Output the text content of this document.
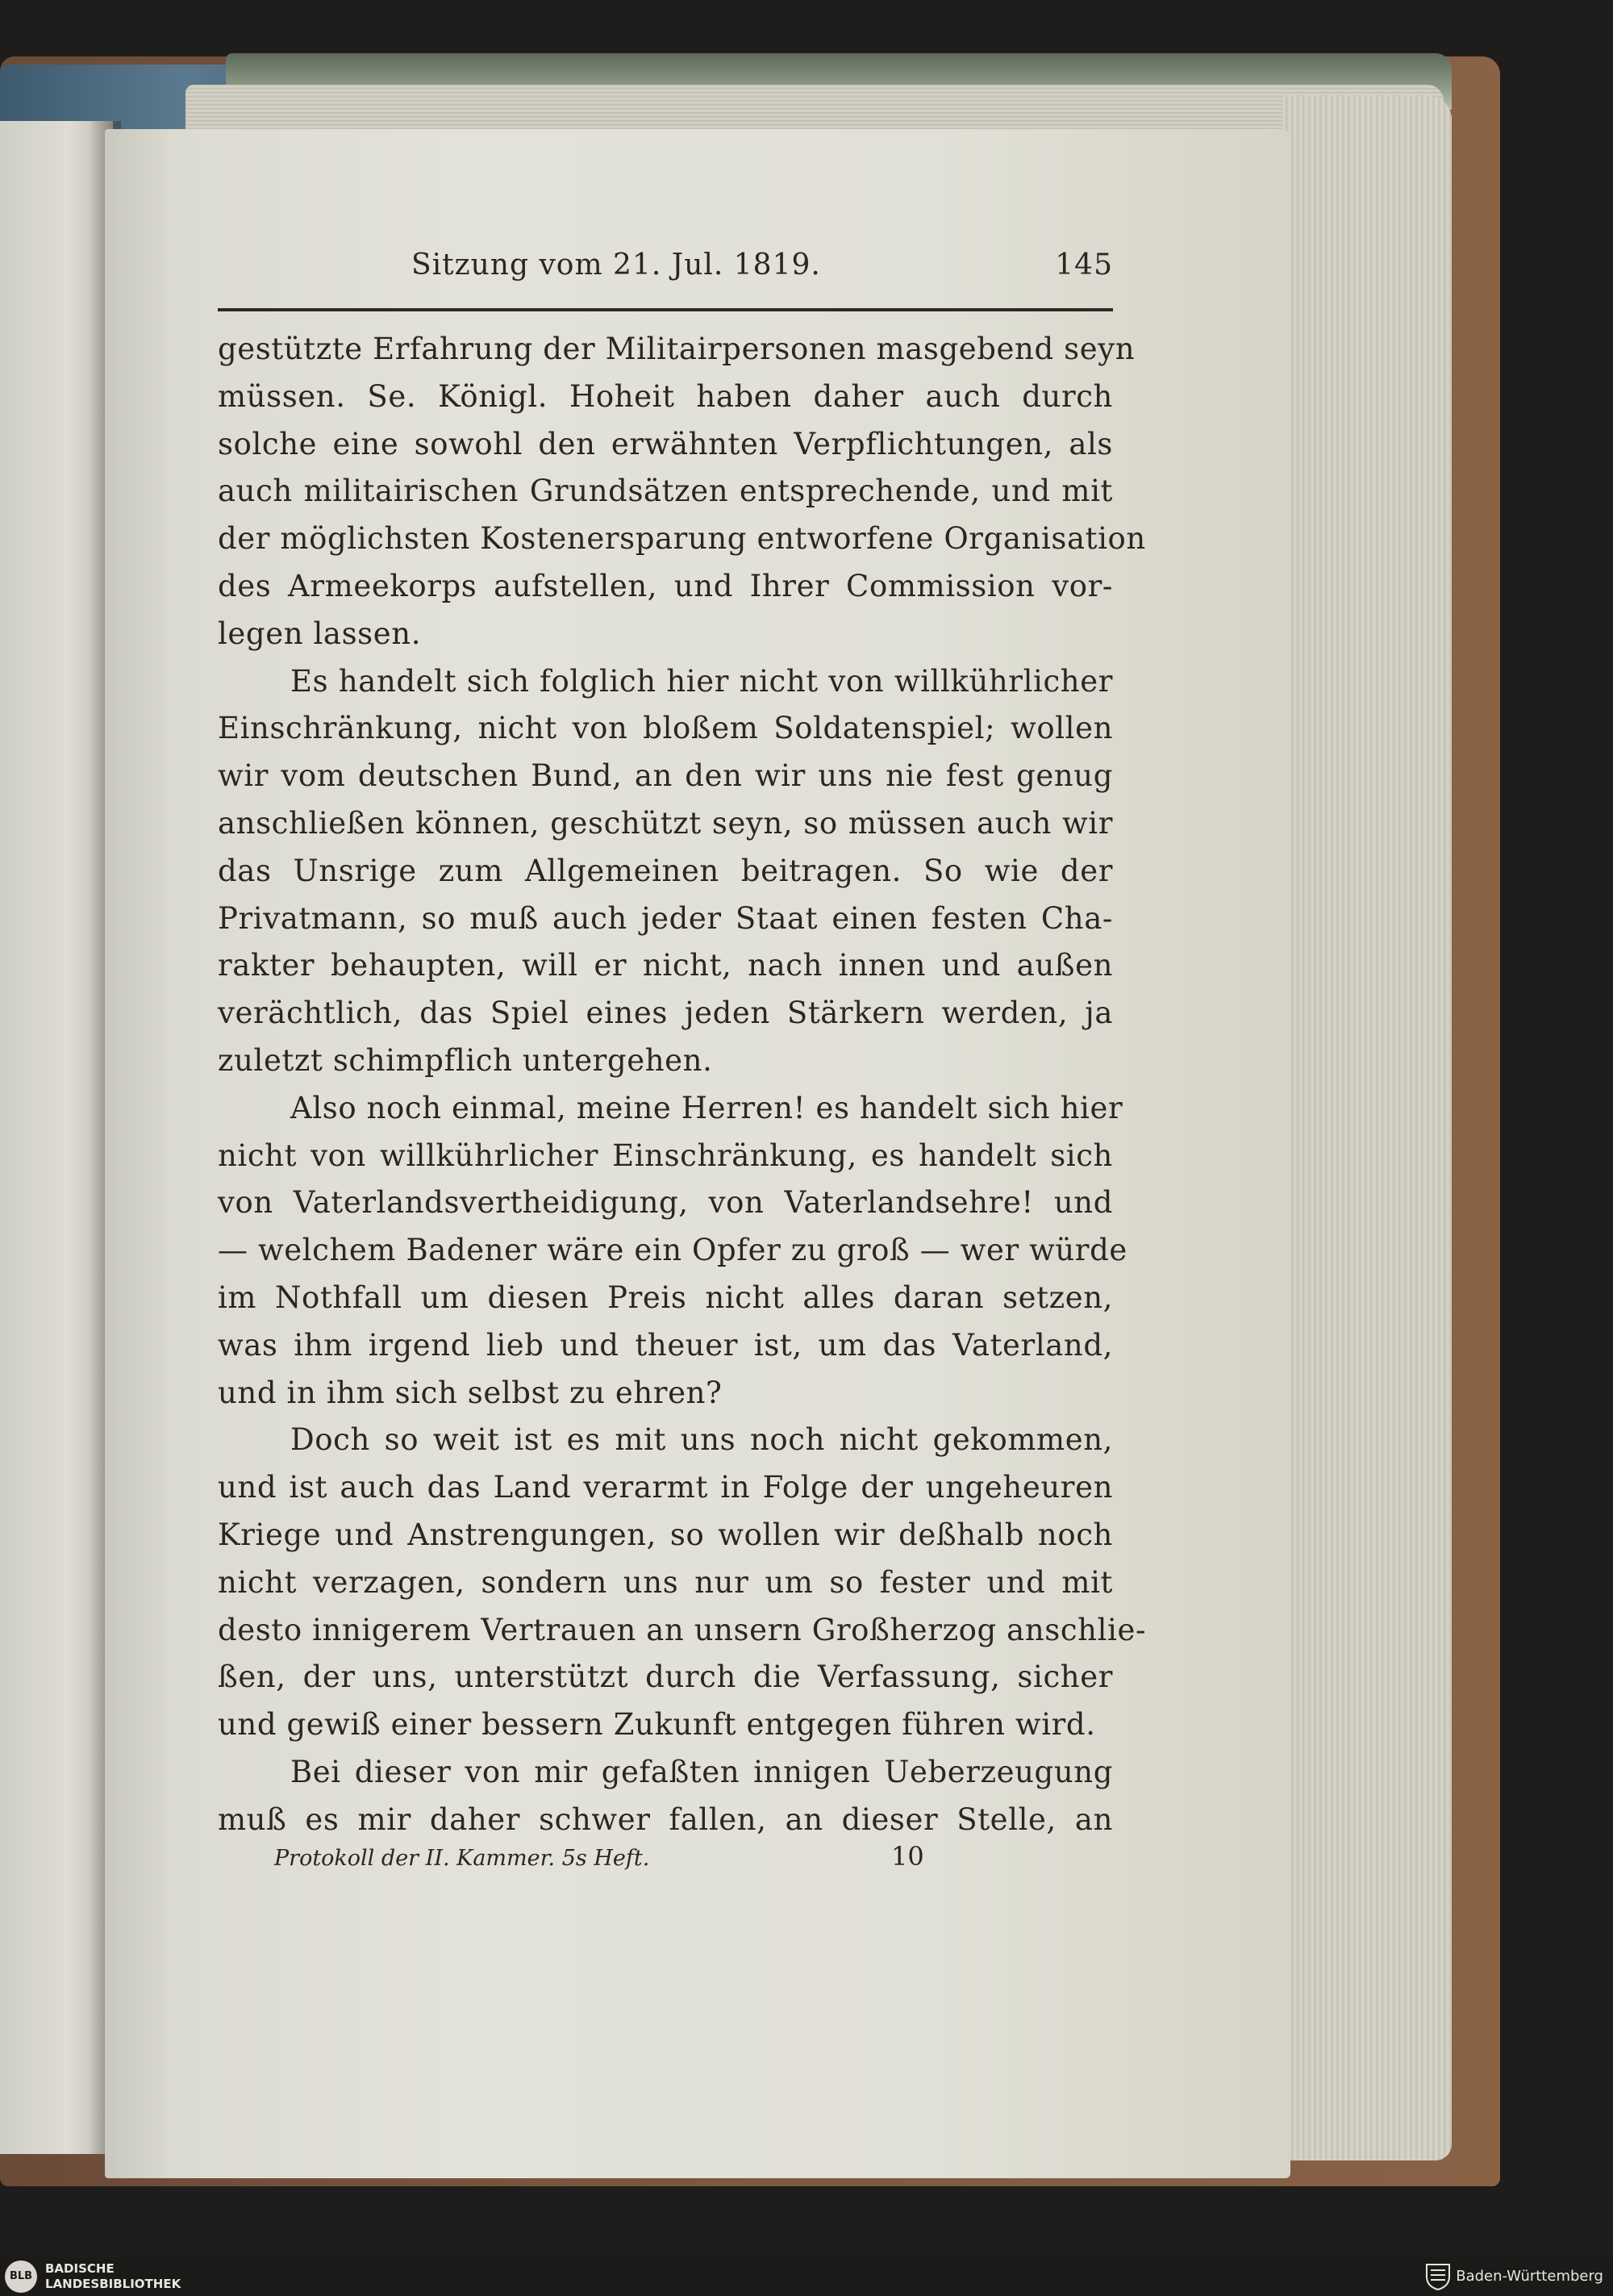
Sitzung vom 21. Jul. 1819.	145
gestützte Erfahrung der Militairpersonen masgebend seyn
müssen. Se. Königl. Hoheit haben daher auch durch
solche eine sowohl den erwähnten Verpflichtungen, als
auch militairischen Grundsätzen entsprechende, und mit
der möglichsten Kostenersparung entworfene Organisation
des Armeekorps aufstellen, und Ihrer Commission vor-
legen lassen.
Es handelt sich folglich hier nicht von willkührlicher
Einschränkung, nicht von bloßem Soldatenspiel; wollen
wir vom deutschen Bund, an den wir uns nie fest genug
anschließen können, geschützt seyn, so müssen auch wir
das Unsrige zum Allgemeinen beitragen. So wie der
Privatmann, so muß auch jeder Staat einen festen Cha-
rakter behaupten, will er nicht, nach innen und außen
verächtlich, das Spiel eines jeden Stärkern werden, ja
zuletzt schimpflich untergehen.
Also noch einmal, meine Herren! es handelt sich hier
nicht von willkührlicher Einschränkung, es handelt sich
von Vaterlandsvertheidigung, von Vaterlandsehre! und
— welchem Badener wäre ein Opfer zu groß — wer würde
im Nothfall um diesen Preis nicht alles daran setzen,
was ihm irgend lieb und theuer ist, um das Vaterland,
und in ihm sich selbst zu ehren?
Doch so weit ist es mit uns noch nicht gekommen,
und ist auch das Land verarmt in Folge der ungeheuren
Kriege und Anstrengungen, so wollen wir deßhalb noch
nicht verzagen, sondern uns nur um so fester und mit
desto innigerem Vertrauen an unsern Großherzog anschlie-
ßen, der uns, unterstützt durch die Verfassung, sicher
und gewiß einer bessern Zukunft entgegen führen wird.
Bei dieser von mir gefaßten innigen Ueberzeugung
muß es mir daher schwer fallen, an dieser Stelle, an
Protokoll der II. Kammer. 5s Heft.	10
BLB
BADISCHE
LANDESBIBLIOTHEK	Baden-Württemberg
